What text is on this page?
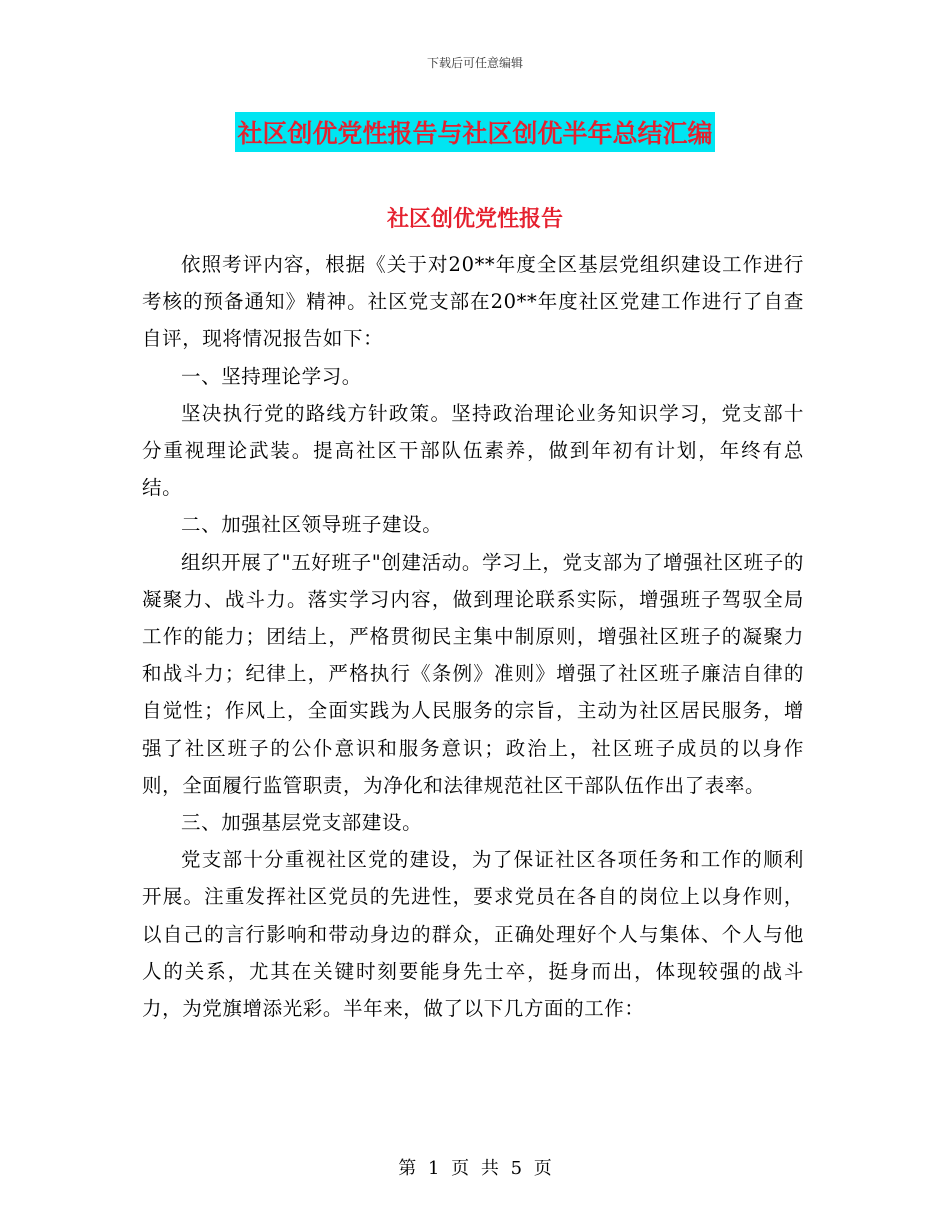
下载后可任意编辑
社区创优党性报告与社区创优半年总结汇编
社区创优党性报告

依照考评内容，根据《关于对20**年度全区基层党组织建设工作进行考核的预备通知》精神。社区党支部在20**年度社区党建工作进行了自查自评，现将情况报告如下：

一、坚持理论学习。

坚决执行党的路线方针政策。坚持政治理论业务知识学习，党支部十分重视理论武装。提高社区干部队伍素养，做到年初有计划，年终有总结。

二、加强社区领导班子建设。

组织开展了"五好班子"创建活动。学习上，党支部为了增强社区班子的凝聚力、战斗力。落实学习内容，做到理论联系实际，增强班子驾驭全局工作的能力；团结上，严格贯彻民主集中制原则，增强社区班子的凝聚力和战斗力；纪律上，严格执行《条例》准则》增强了社区班子廉洁自律的自觉性；作风上，全面实践为人民服务的宗旨，主动为社区居民服务，增强了社区班子的公仆意识和服务意识；政治上，社区班子成员的以身作则，全面履行监管职责，为净化和法律规范社区干部队伍作出了表率。

三、加强基层党支部建设。

党支部十分重视社区党的建设，为了保证社区各项任务和工作的顺利开展。注重发挥社区党员的先进性，要求党员在各自的岗位上以身作则，以自己的言行影响和带动身边的群众，正确处理好个人与集体、个人与他人的关系，尤其在关键时刻要能身先士卒，挺身而出，体现较强的战斗力，为党旗增添光彩。半年来，做了以下几方面的工作：

第 1 页 共 5 页
